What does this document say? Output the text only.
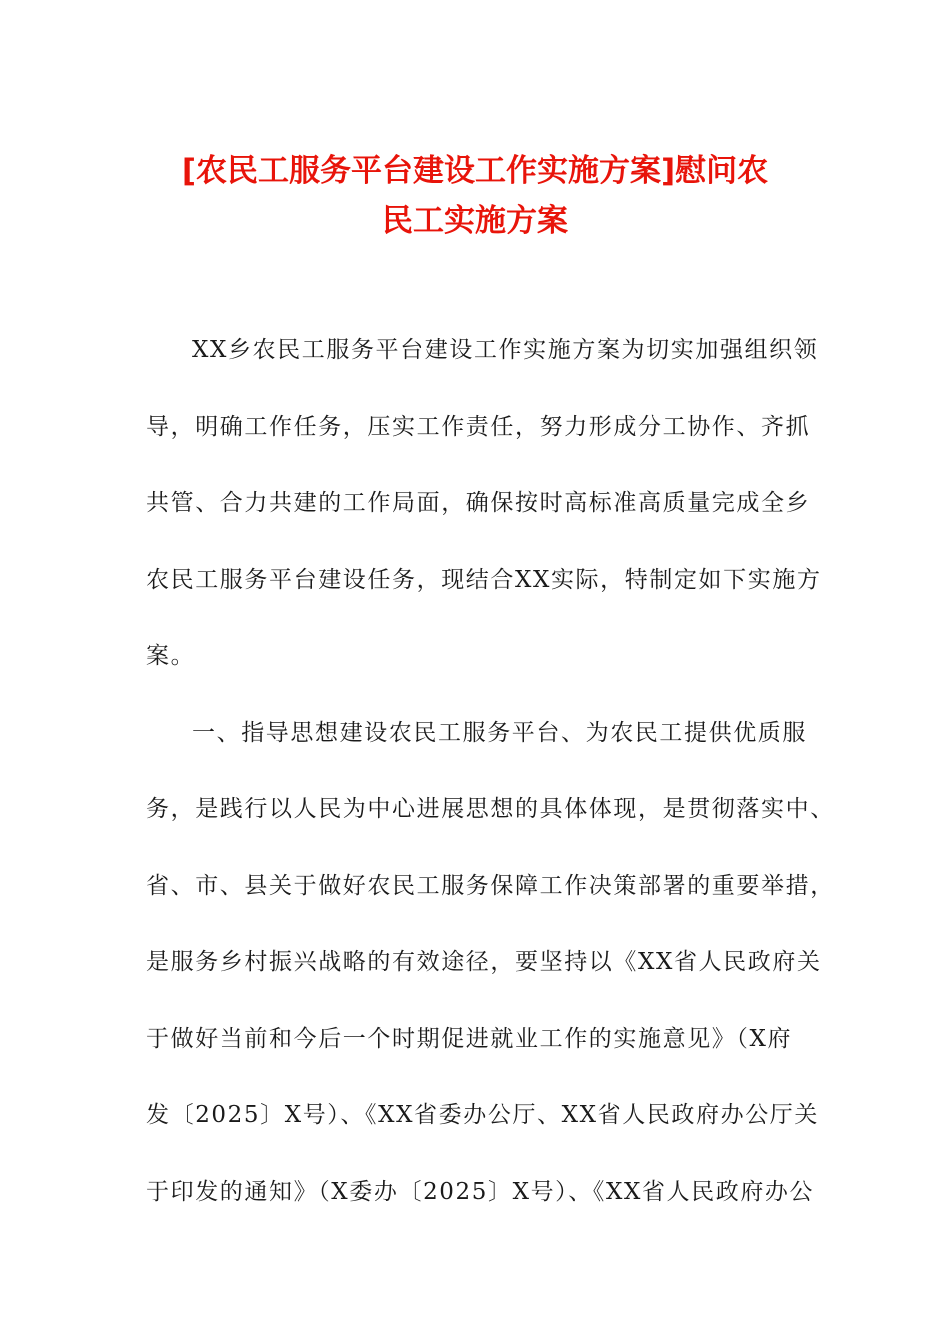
[农民工服务平台建设工作实施方案]慰问农
民工实施方案
XX乡农民工服务平台建设工作实施方案为切实加强组织领
导，明确工作任务，压实工作责任，努力形成分工协作、齐抓
共管、合力共建的工作局面，确保按时高标准高质量完成全乡
农民工服务平台建设任务，现结合XX实际，特制定如下实施方
案。
一、指导思想建设农民工服务平台、为农民工提供优质服
务，是践行以人民为中心进展思想的具体体现，是贯彻落实中、
省、市、县关于做好农民工服务保障工作决策部署的重要举措，
是服务乡村振兴战略的有效途径，要坚持以《XX省人民政府关
于做好当前和今后一个时期促进就业工作的实施意见》（X府
发〔2025〕X号）、《XX省委办公厅、XX省人民政府办公厅关
于印发的通知》（X委办〔2025〕X号）、《XX省人民政府办公
